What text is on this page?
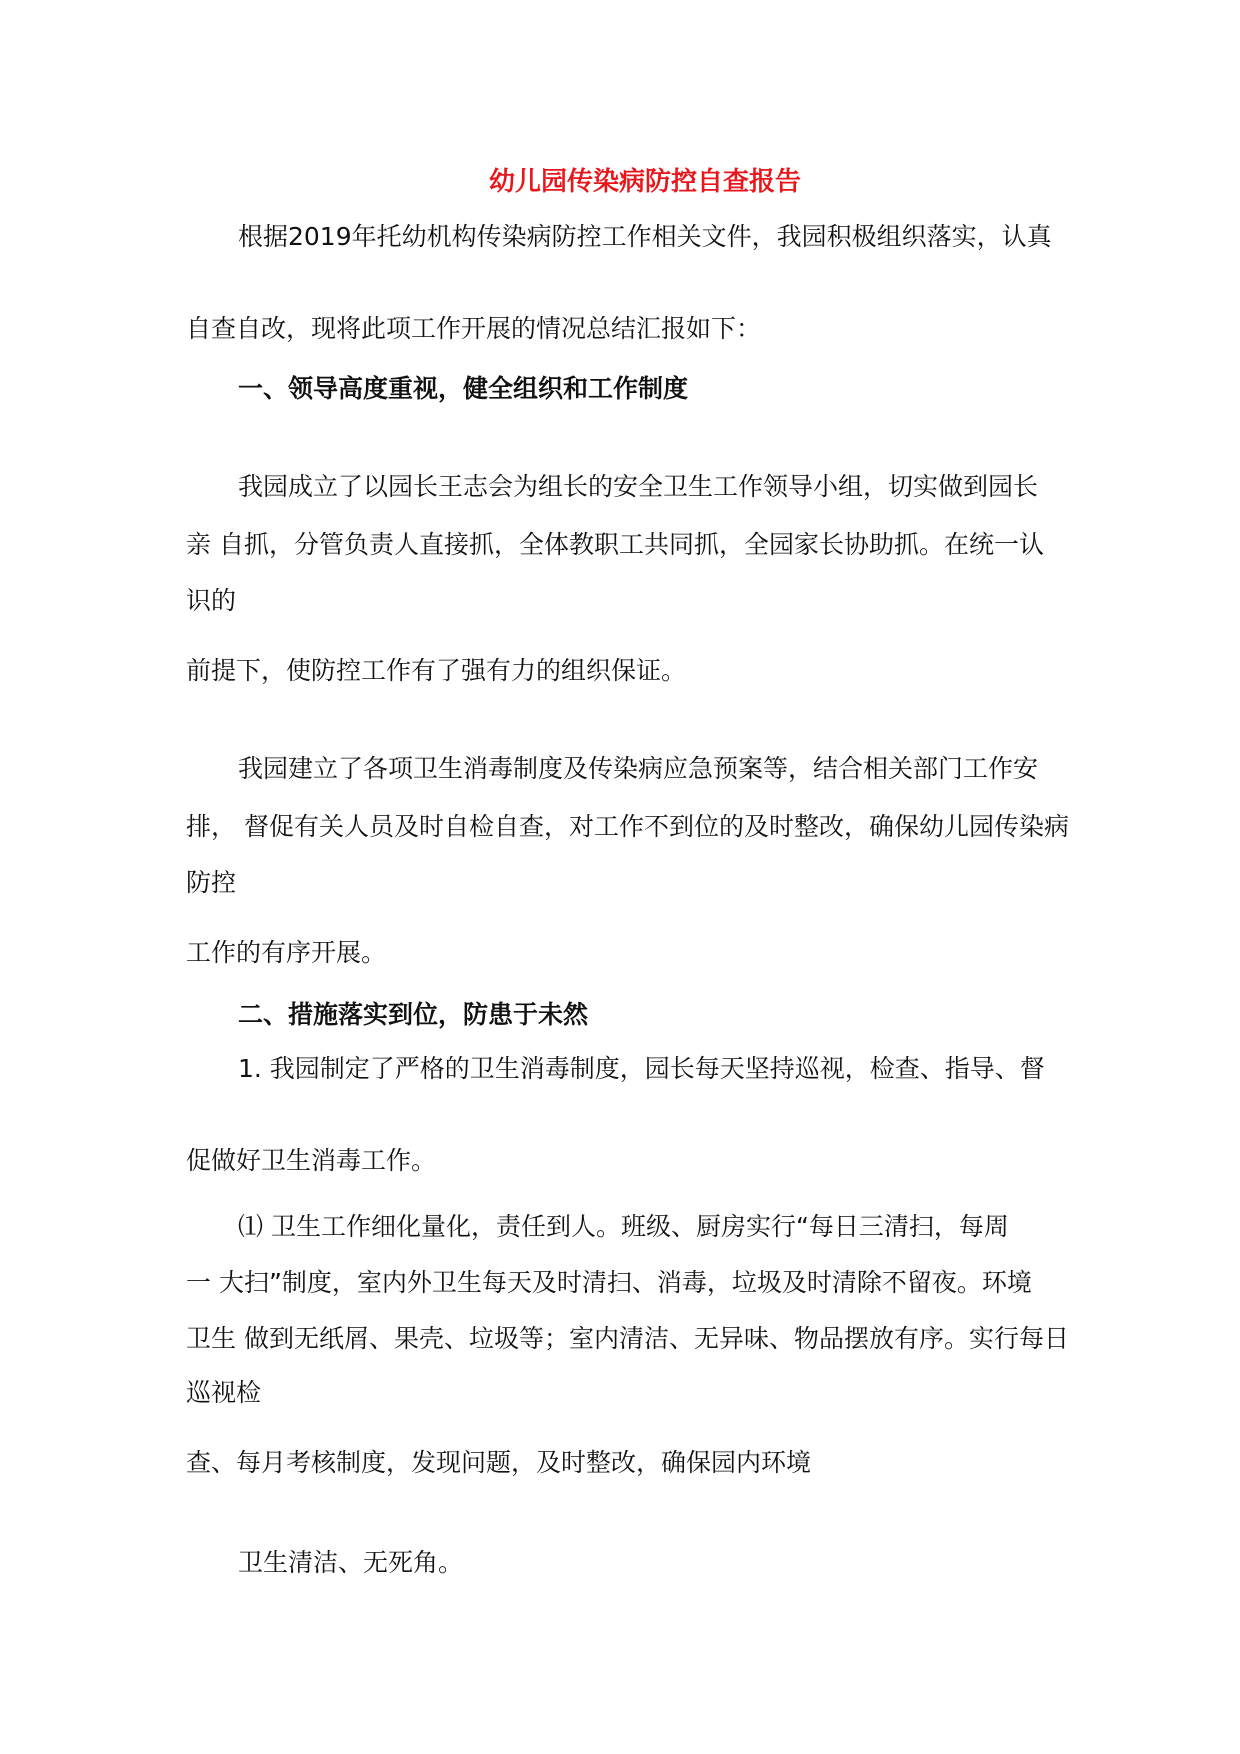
幼儿园传染病防控自查报告

根据2019年托幼机构传染病防控工作相关文件，我园积极组织落实，认真

自查自改，现将此项工作开展的情况总结汇报如下：

一、领导高度重视，健全组织和工作制度

我园成立了以园长王志会为组长的安全卫生工作领导小组，切实做到园长

亲 自抓，分管负责人直接抓，全体教职工共同抓，全园家长协助抓。在统一认

识的

前提下，使防控工作有了强有力的组织保证。

我园建立了各项卫生消毒制度及传染病应急预案等，结合相关部门工作安

排， 督促有关人员及时自检自查，对工作不到位的及时整改，确保幼儿园传染病

防控

工作的有序开展。

二、措施落实到位，防患于未然

1. 我园制定了严格的卫生消毒制度，园长每天坚持巡视，检查、指导、督

促做好卫生消毒工作。

⑴ 卫生工作细化量化，责任到人。班级、厨房实行“每日三清扫，每周

一 大扫”制度，室内外卫生每天及时清扫、消毒，垃圾及时清除不留夜。环境

卫生 做到无纸屑、果壳、垃圾等；室内清洁、无异味、物品摆放有序。实行每日

巡视检

查、每月考核制度，发现问题，及时整改，确保园内环境

卫生清洁、无死角。
